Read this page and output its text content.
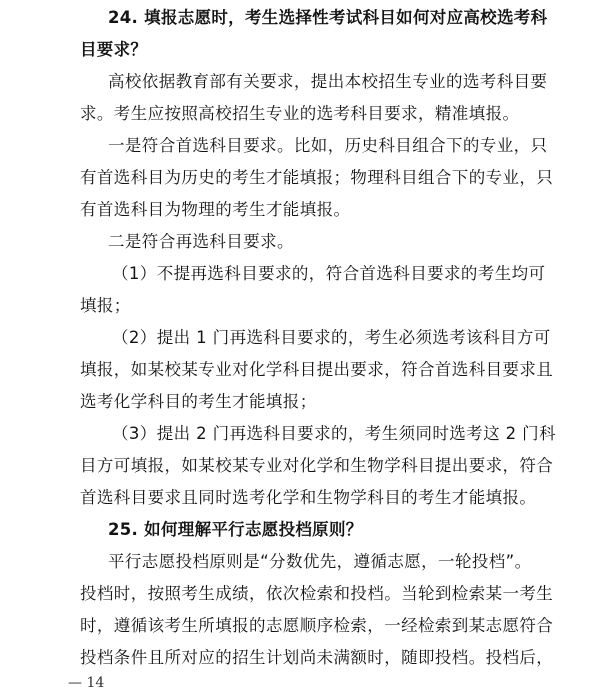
24. 填报志愿时，考生选择性考试科目如何对应高校选考科
目要求？
高校依据教育部有关要求，提出本校招生专业的选考科目要
求。考生应按照高校招生专业的选考科目要求，精准填报。
一是符合首选科目要求。比如，历史科目组合下的专业，只
有首选科目为历史的考生才能填报；物理科目组合下的专业，只
有首选科目为物理的考生才能填报。
二是符合再选科目要求。
（1）不提再选科目要求的，符合首选科目要求的考生均可
填报；
（2）提出 1 门再选科目要求的，考生必须选考该科目方可
填报，如某校某专业对化学科目提出要求，符合首选科目要求且
选考化学科目的考生才能填报；
（3）提出 2 门再选科目要求的，考生须同时选考这 2 门科
目方可填报，如某校某专业对化学和生物学科目提出要求，符合
首选科目要求且同时选考化学和生物学科目的考生才能填报。
25. 如何理解平行志愿投档原则？
平行志愿投档原则是“分数优先，遵循志愿，一轮投档”。
投档时，按照考生成绩，依次检索和投档。当轮到检索某一考生
时，遵循该考生所填报的志愿顺序检索，一经检索到某志愿符合
投档条件且所对应的招生计划尚未满额时，随即投档。投档后，
— 14
